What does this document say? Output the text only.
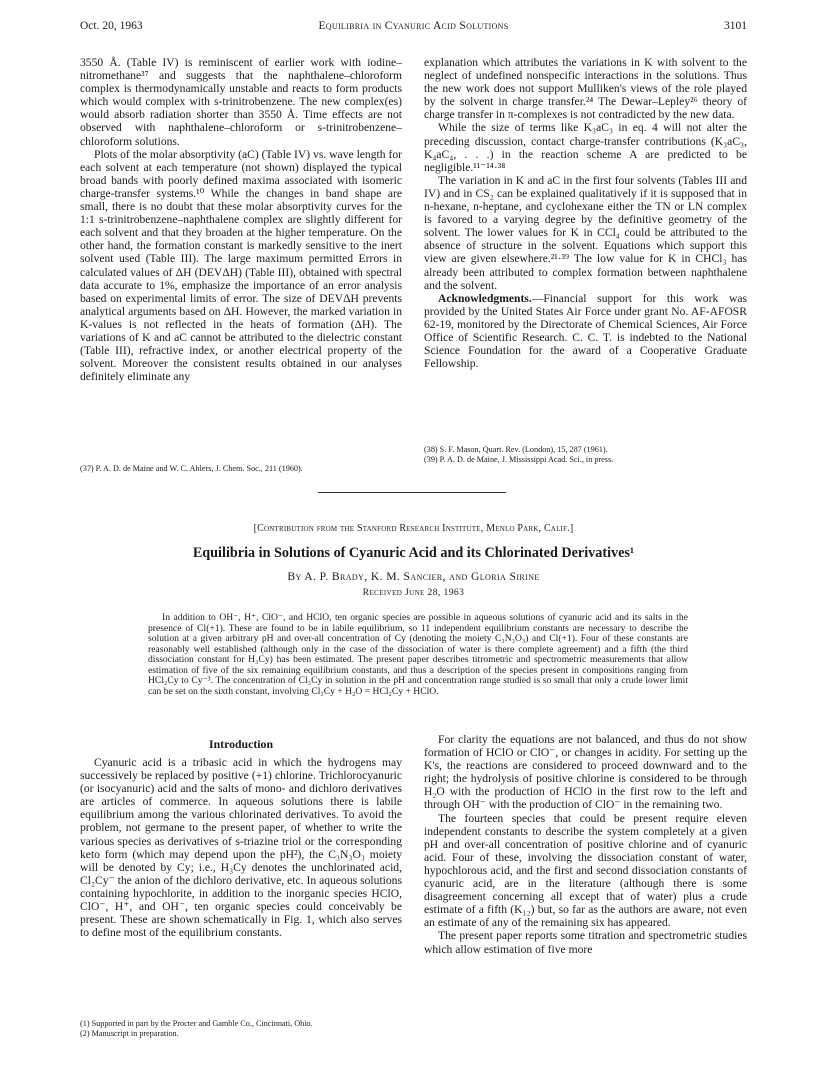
Oct. 20, 1963	Equilibria in Cyanuric Acid Solutions	3101

3550 Å. (Table IV) is reminiscent of earlier work with iodine–nitromethane³⁷ and suggests that the naphthalene–chloroform complex is thermodynamically unstable and reacts to form products which would complex with s-trinitrobenzene. The new complex(es) would absorb radiation shorter than 3550 Å. Time effects are not observed with naphthalene–chloroform or s-trinitrobenzene–chloroform solutions.

Plots of the molar absorptivity (aC) (Table IV) vs. wave length for each solvent at each temperature (not shown) displayed the typical broad bands with poorly defined maxima associated with isomeric charge-transfer systems.¹⁰ While the changes in band shape are small, there is no doubt that these molar absorptivity curves for the 1:1 s-trinitrobenzene–naphthalene complex are slightly different for each solvent and that they broaden at the higher temperature. On the other hand, the formation constant is markedly sensitive to the inert solvent used (Table III). The large maximum permitted Errors in calculated values of ΔH (DEVΔH) (Table III), obtained with spectral data accurate to 1%, emphasize the importance of an error analysis based on experimental limits of error. The size of DEVΔH prevents analytical arguments based on ΔH. However, the marked variation in K-values is not reflected in the heats of formation (ΔH). The variations of K and aC cannot be attributed to the dielectric constant (Table III), refractive index, or another electrical property of the solvent. Moreover the consistent results obtained in our analyses definitely eliminate any

(37) P. A. D. de Maine and W. C. Ahlers, J. Chem. Soc., 211 (1960).

explanation which attributes the variations in K with solvent to the neglect of undefined nonspecific interactions in the solutions. Thus the new work does not support Mulliken's views of the role played by the solvent in charge transfer.²⁴ The Dewar–Lepley²⁶ theory of charge transfer in π-complexes is not contradicted by the new data.

While the size of terms like K₃aC₃ in eq. 4 will not alter the preceding discussion, contact charge-transfer contributions (K₃aC₃, K₄aC₄, . . .) in the reaction scheme A are predicted to be negligible.¹¹⁻¹⁴·³⁸

The variation in K and aC in the first four solvents (Tables III and IV) and in CS₂ can be explained qualitatively if it is supposed that in n-hexane, n-heptane, and cyclohexane either the TN or LN complex is favored to a varying degree by the definitive geometry of the solvent. The lower values for K in CCl₄ could be attributed to the absence of structure in the solvent. Equations which support this view are given elsewhere.²¹·³⁹ The low value for K in CHCl₃ has already been attributed to complex formation between naphthalene and the solvent.

Acknowledgments.—Financial support for this work was provided by the United States Air Force under grant No. AF-AFOSR 62-19, monitored by the Directorate of Chemical Sciences, Air Force Office of Scientific Research. C. C. T. is indebted to the National Science Foundation for the award of a Cooperative Graduate Fellowship.

(38) S. F. Mason, Quart. Rev. (London), 15, 287 (1961).

(39) P. A. D. de Maine, J. Mississippi Acad. Sci., in press.

[Contribution from the Stanford Research Institute, Menlo Park, Calif.]
Equilibria in Solutions of Cyanuric Acid and its Chlorinated Derivatives¹
By A. P. Brady, K. M. Sancier, and Gloria Sirine
Received June 28, 1963

In addition to OH⁻, H⁺, ClO⁻, and HClO, ten organic species are possible in aqueous solutions of cyanuric acid and its salts in the presence of Cl(+1). These are found to be in labile equilibrium, so 11 independent equilibrium constants are necessary to describe the solution at a given arbitrary pH and over-all concentration of Cy (denoting the moiety C₃N₃O₃) and Cl(+1). Four of these constants are reasonably well established (although only in the case of the dissociation of water is there complete agreement) and a fifth (the third dissociation constant for H₃Cy) has been estimated. The present paper describes titrometric and spectrometric measurements that allow estimation of five of the six remaining equilibrium constants, and thus a description of the species present in compositions ranging from HCl₂Cy to Cy⁻³. The concentration of Cl₃Cy in solution in the pH and concentration range studied is so small that only a crude lower limit can be set on the sixth constant, involving Cl₃Cy + H₂O = HCl₂Cy + HClO.

Introduction

Cyanuric acid is a tribasic acid in which the hydrogens may successively be replaced by positive (+1) chlorine. Trichlorocyanuric (or isocyanuric) acid and the salts of mono- and dichloro derivatives are articles of commerce. In aqueous solutions there is labile equilibrium among the various chlorinated derivatives. To avoid the problem, not germane to the present paper, of whether to write the various species as derivatives of s-triazine triol or the corresponding keto form (which may depend upon the pH²), the C₃N₃O₃ moiety will be denoted by Cy; i.e., H₃Cy denotes the unchlorinated acid, Cl₂Cy⁻ the anion of the dichloro derivative, etc. In aqueous solutions containing hypochlorite, in addition to the inorganic species HClO, ClO⁻, H⁺, and OH⁻, ten organic species could conceivably be present. These are shown schematically in Fig. 1, which also serves to define most of the equilibrium constants.

(1) Supported in part by the Procter and Gamble Co., Cincinnati, Ohio.

(2) Manuscript in preparation.

For clarity the equations are not balanced, and thus do not show formation of HClO or ClO⁻, or changes in acidity. For setting up the K's, the reactions are considered to proceed downward and to the right; the hydrolysis of positive chlorine is considered to be through H₂O with the production of HClO in the first row to the left and through OH⁻ with the production of ClO⁻ in the remaining two.

The fourteen species that could be present require eleven independent constants to describe the system completely at a given pH and over-all concentration of positive chlorine and of cyanuric acid. Four of these, involving the dissociation constant of water, hypochlorous acid, and the first and second dissociation constants of cyanuric acid, are in the literature (although there is some disagreement concerning all except that of water) plus a crude estimate of a fifth (K₁₂) but, so far as the authors are aware, not even an estimate of any of the remaining six has appeared.

The present paper reports some titration and spectrometric studies which allow estimation of five more
